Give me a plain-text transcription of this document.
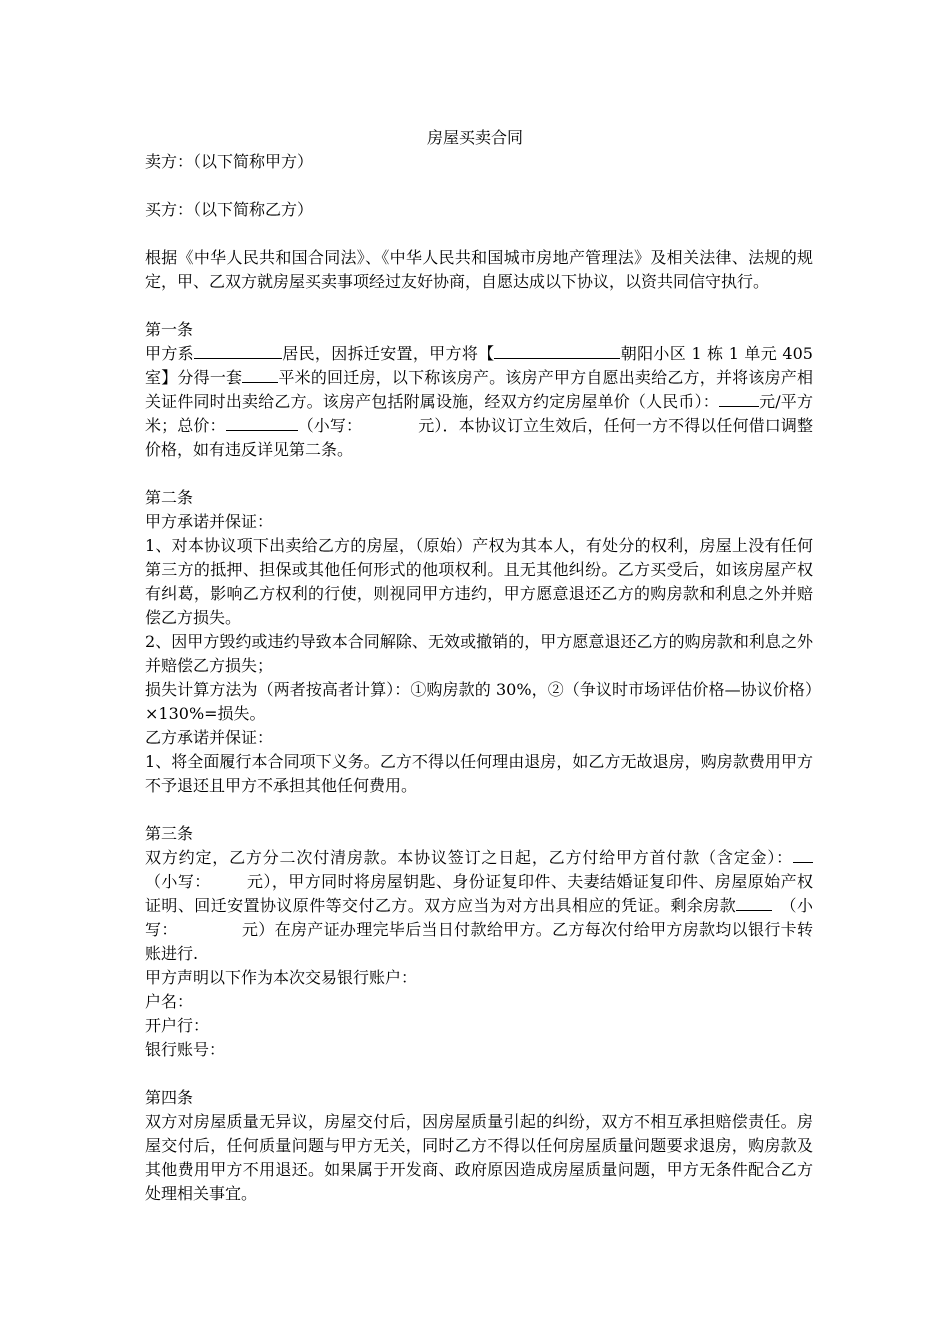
房屋买卖合同

卖方：（以下简称甲方）

买方：（以下简称乙方）

根据《中华人民共和国合同法》、《中华人民共和国城市房地产管理法》及相关法律、法规的规定，甲、乙双方就房屋买卖事项经过友好协商，自愿达成以下协议，以资共同信守执行。

第一条

甲方系	居民，因拆迁安置，甲方将【	朝阳小区 1 栋 1 单元 405室】分得一套 平米的回迁房，以下称该房产。该房产甲方自愿出卖给乙方，并将该房产相关证件同时出卖给乙方。该房产包括附属设施，经双方约定房屋单价（人民币）：	元/平方米；总价：	（小写：	元）．本协议订立生效后，任何一方不得以任何借口调整价格，如有违反详见第二条。

第二条

甲方承诺并保证：

1、对本协议项下出卖给乙方的房屋，（原始）产权为其本人，有处分的权利，房屋上没有任何第三方的抵押、担保或其他任何形式的他项权利。且无其他纠纷。乙方买受后，如该房屋产权有纠葛，影响乙方权利的行使，则视同甲方违约，甲方愿意退还乙方的购房款和利息之外并赔偿乙方损失。

2、因甲方毁约或违约导致本合同解除、无效或撤销的，甲方愿意退还乙方的购房款和利息之外并赔偿乙方损失；

损失计算方法为（两者按高者计算）：①购房款的 30%，②（争议时市场评估价格—协议价格）×130%=损失。

乙方承诺并保证：

1、将全面履行本合同项下义务。乙方不得以任何理由退房，如乙方无故退房，购房款费用甲方不予退还且甲方不承担其他任何费用。

第三条

双方约定，乙方分二次付清房款。本协议签订之日起，乙方付给甲方首付款（含定金）：（小写： 元），甲方同时将房屋钥匙、身份证复印件、夫妻结婚证复印件、房屋原始产权证明、回迁安置协议原件等交付乙方。双方应当为对方出具相应的凭证。剩余房款	（小写：	元）在房产证办理完毕后当日付款给甲方。乙方每次付给甲方房款均以银行卡转账进行.

甲方声明以下作为本次交易银行账户：

户名：

开户行：

银行账号：

第四条

双方对房屋质量无异议，房屋交付后，因房屋质量引起的纠纷，双方不相互承担赔偿责任。房屋交付后，任何质量问题与甲方无关，同时乙方不得以任何房屋质量问题要求退房，购房款及其他费用甲方不用退还。如果属于开发商、政府原因造成房屋质量问题，甲方无条件配合乙方处理相关事宜。
